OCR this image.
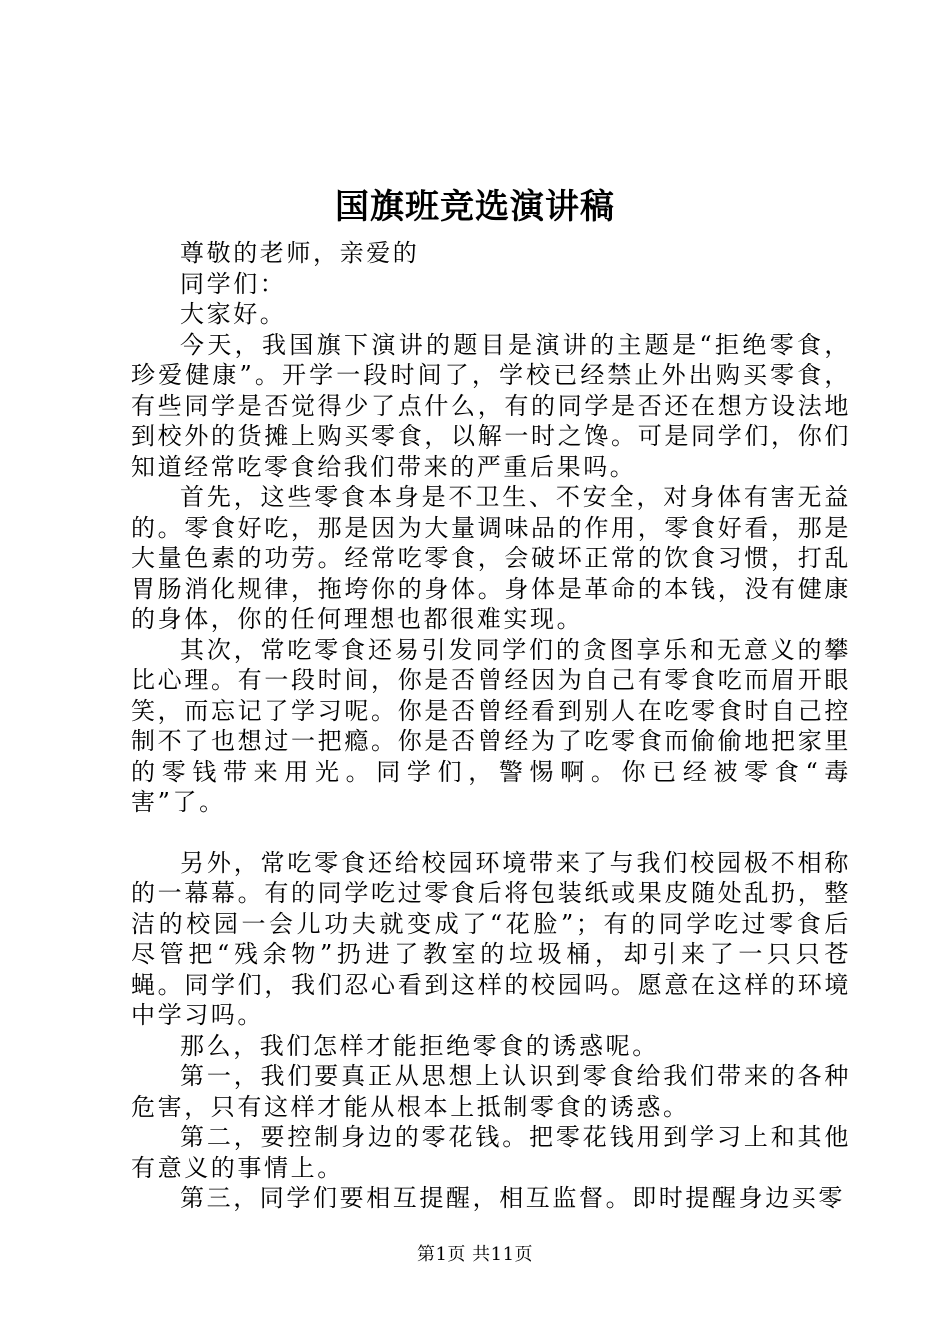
国旗班竞选演讲稿

尊敬的老师，亲爱的

同学们：

大家好。

今天，我国旗下演讲的题目是演讲的主题是“拒绝零食，珍爱健康”。开学一段时间了，学校已经禁止外出购买零食，有些同学是否觉得少了点什么，有的同学是否还在想方设法地到校外的货摊上购买零食，以解一时之馋。可是同学们，你们知道经常吃零食给我们带来的严重后果吗。

首先，这些零食本身是不卫生、不安全，对身体有害无益的。零食好吃，那是因为大量调味品的作用，零食好看，那是大量色素的功劳。经常吃零食，会破坏正常的饮食习惯，打乱胃肠消化规律，拖垮你的身体。身体是革命的本钱，没有健康的身体，你的任何理想也都很难实现。

其次，常吃零食还易引发同学们的贪图享乐和无意义的攀比心理。有一段时间，你是否曾经因为自己有零食吃而眉开眼笑，而忘记了学习呢。你是否曾经看到别人在吃零食时自己控制不了也想过一把瘾。你是否曾经为了吃零食而偷偷地把家里的零钱带来用光。同学们，警惕啊。你已经被零食“毒害”了。

另外，常吃零食还给校园环境带来了与我们校园极不相称的一幕幕。有的同学吃过零食后将包装纸或果皮随处乱扔，整洁的校园一会儿功夫就变成了“花脸”；有的同学吃过零食后尽管把“残余物”扔进了教室的垃圾桶，却引来了一只只苍蝇。同学们，我们忍心看到这样的校园吗。愿意在这样的环境中学习吗。

那么，我们怎样才能拒绝零食的诱惑呢。

第一，我们要真正从思想上认识到零食给我们带来的各种危害，只有这样才能从根本上抵制零食的诱惑。

第二，要控制身边的零花钱。把零花钱用到学习上和其他有意义的事情上。

第三，同学们要相互提醒，相互监督。即时提醒身边买零

第1页 共11页
